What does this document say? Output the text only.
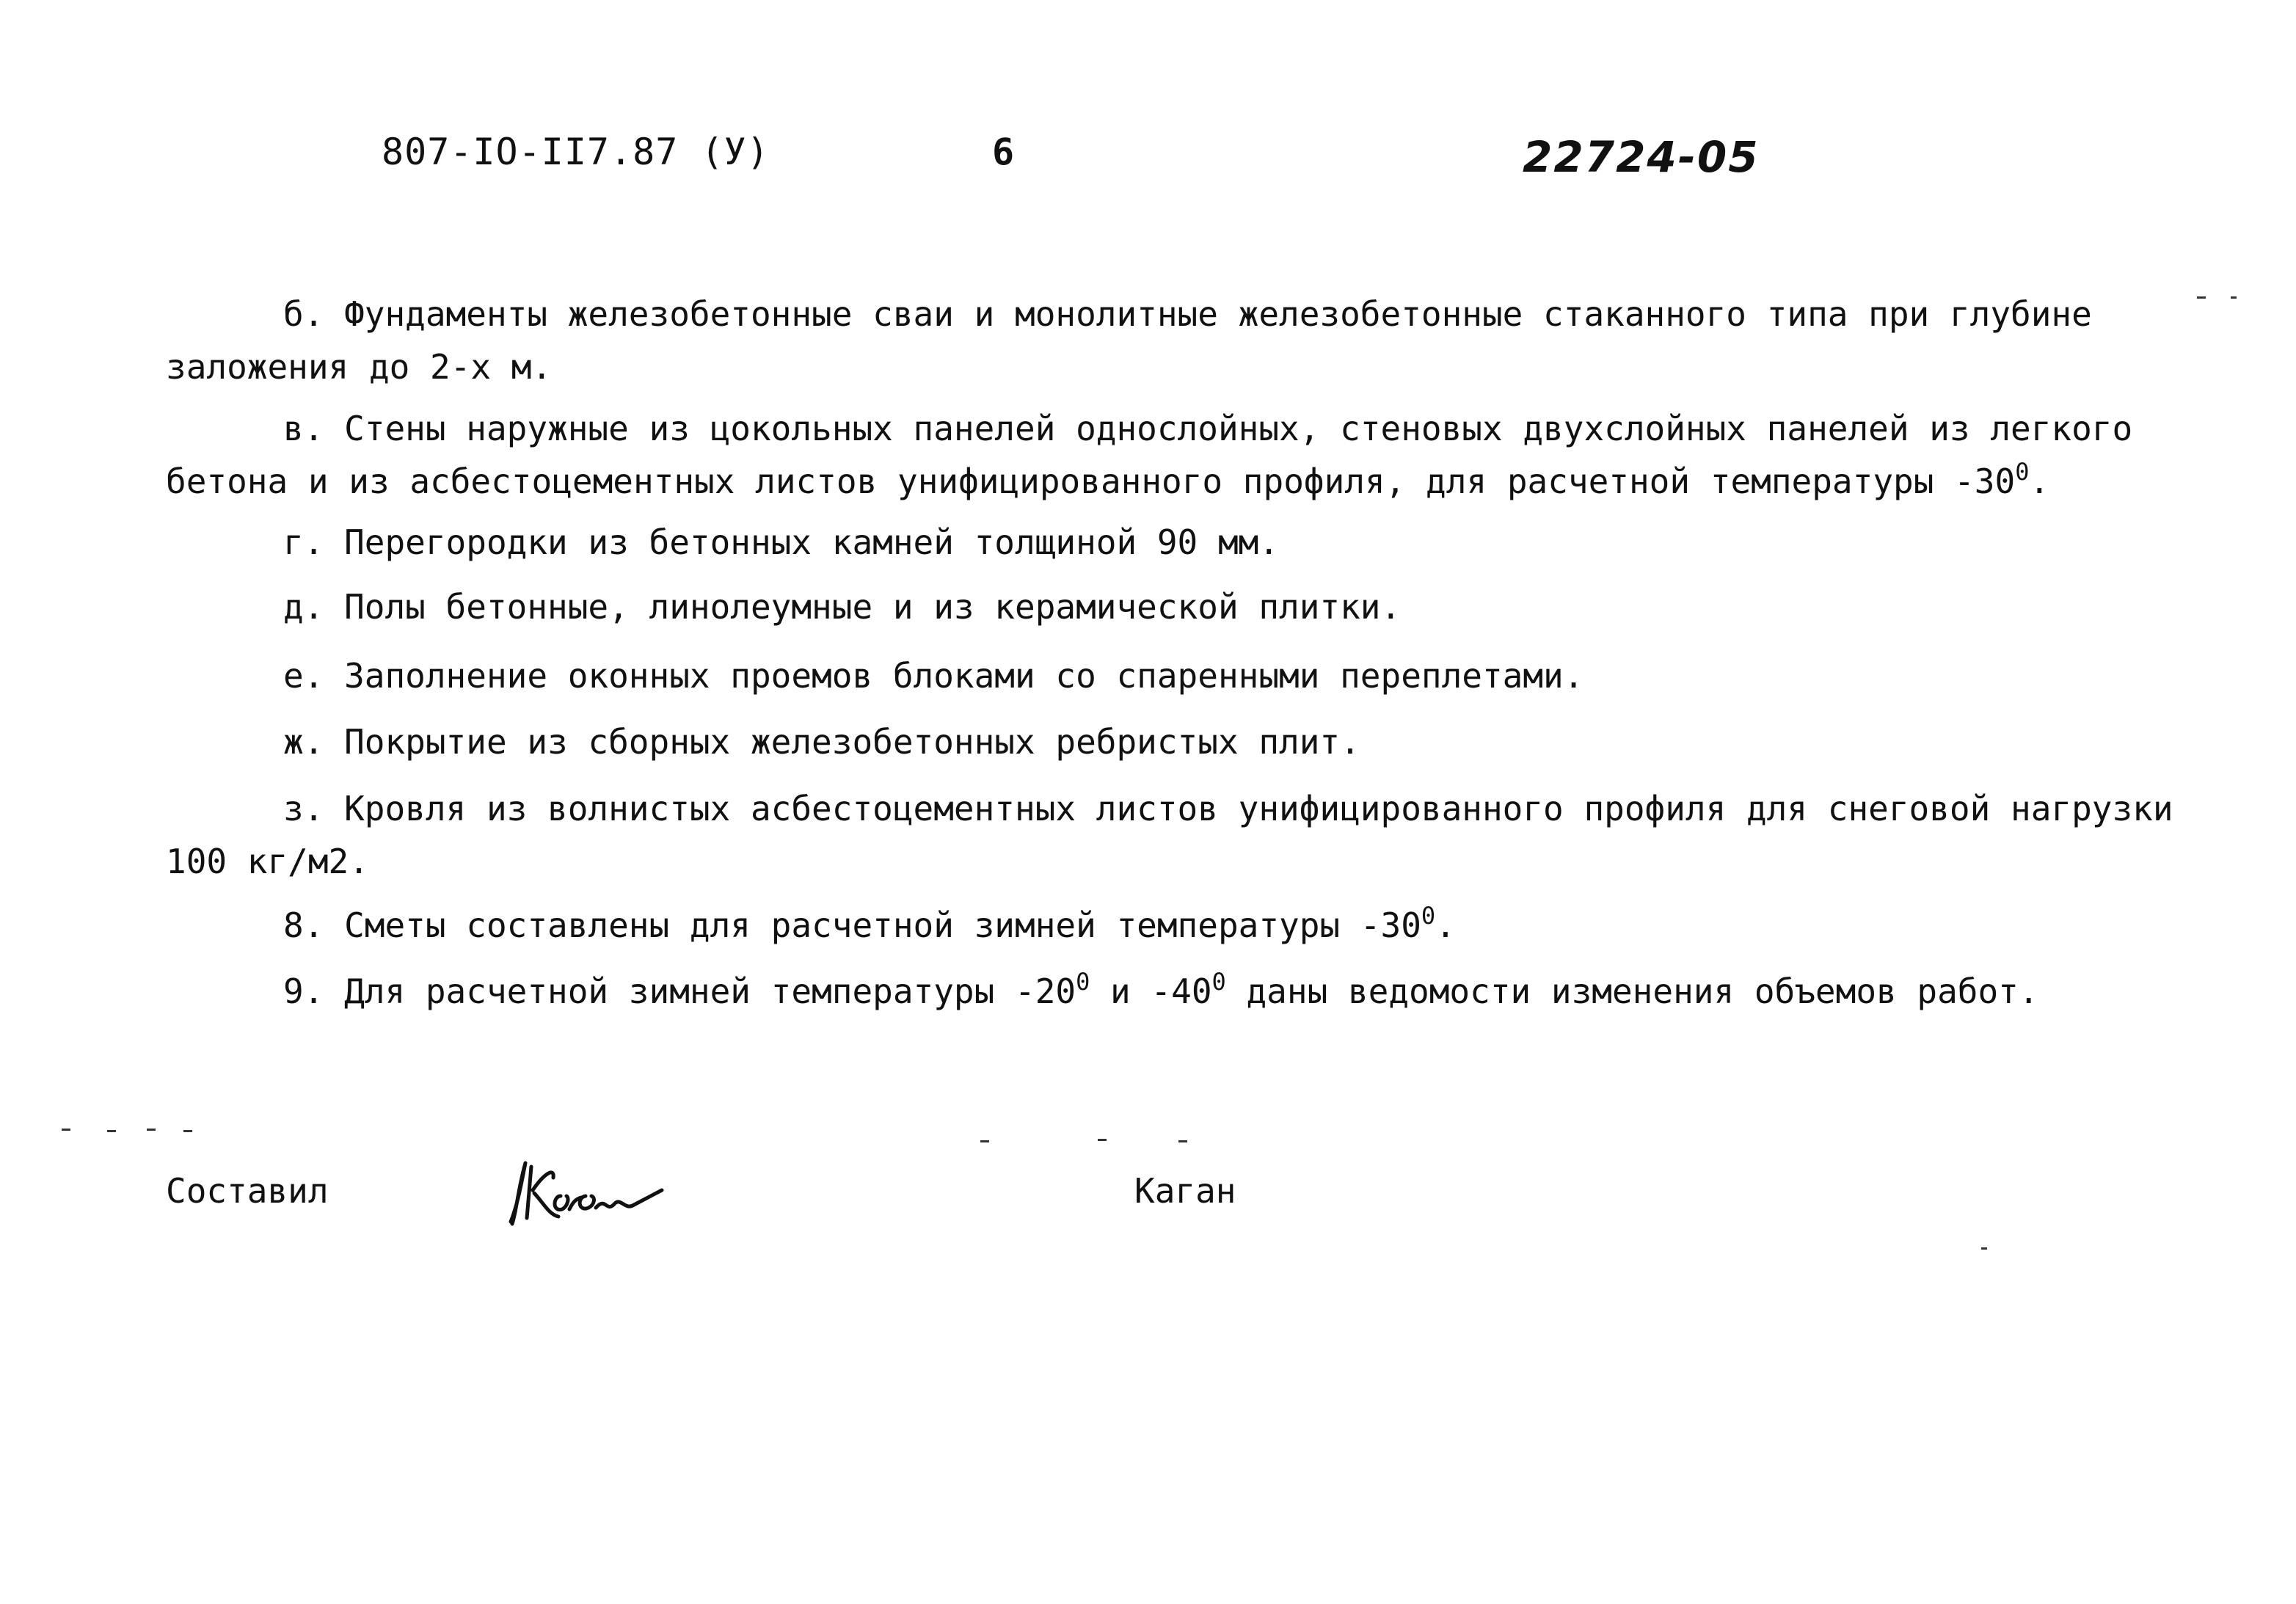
807-IO-II7.87 (У)	6	22724-05
б. Фундаменты железобетонные сваи и монолитные железобетонные стаканного типа при глубине заложения до 2-х м.
в. Стены наружные из цокольных панелей однослойных, стеновых двухслойных панелей из легкого бетона и из асбестоцементных листов унифицированного профиля, для расчетной температуры $-30^0$.
г. Перегородки из бетонных камней толщиной 90 мм.
д. Полы бетонные, линолеумные и из керамической плитки.
е. Заполнение оконных проемов блоками со спаренными переплетами.
ж. Покрытие из сборных железобетонных ребристых плит.
з. Кровля из волнистых асбестоцементных листов унифицированного профиля для снеговой нагрузки 100 кг/м2.
8. Сметы составлены для расчетной зимней температуры $-30^0$.
9. Для расчетной зимней температуры $-20^0$ и $-40^0$ даны ведомости изменения объемов работ.
Составил	Каган
